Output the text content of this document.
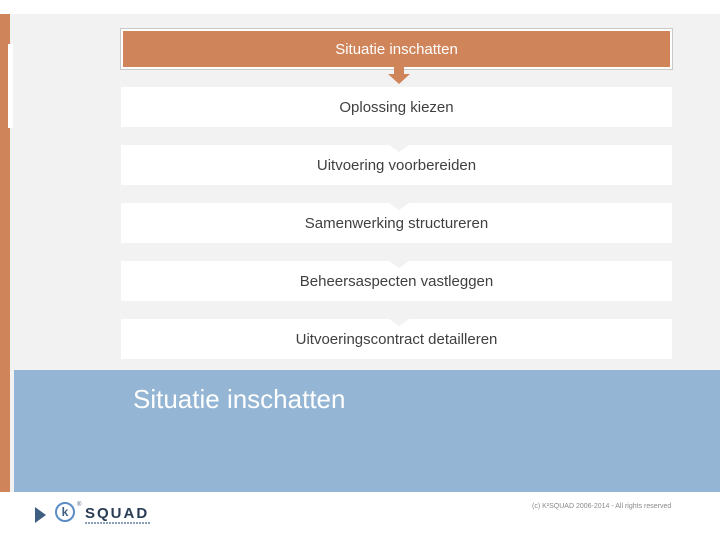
Situatie inschatten
Oplossing kiezen
Uitvoering voorbereiden
Samenwerking structureren
Beheersaspecten vastleggen
Uitvoeringscontract detailleren
Situatie inschatten
k ® SQUAD	(c) K²SQUAD 2006-2014 - All rights reserved
